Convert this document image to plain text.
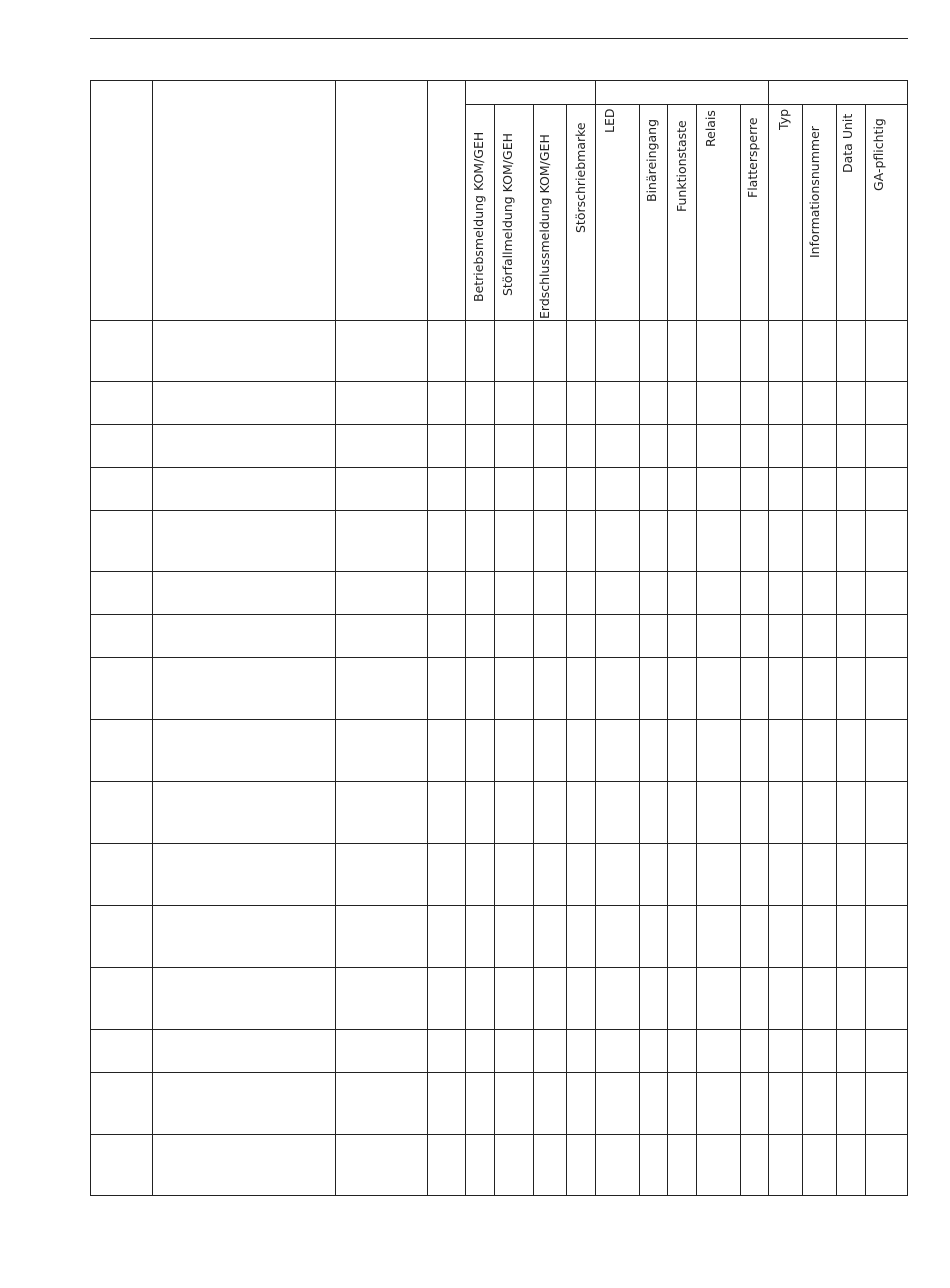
Betriebsmeldung KOM/GEH Störfallmeldung KOM/GEH Erdschlussmeldung KOM/GEH Störschriebmarke
LED Binäreingang Funktionstaste Relais Flattersperre Typ
Informationsnummer Data Unit GA-pflichtig
